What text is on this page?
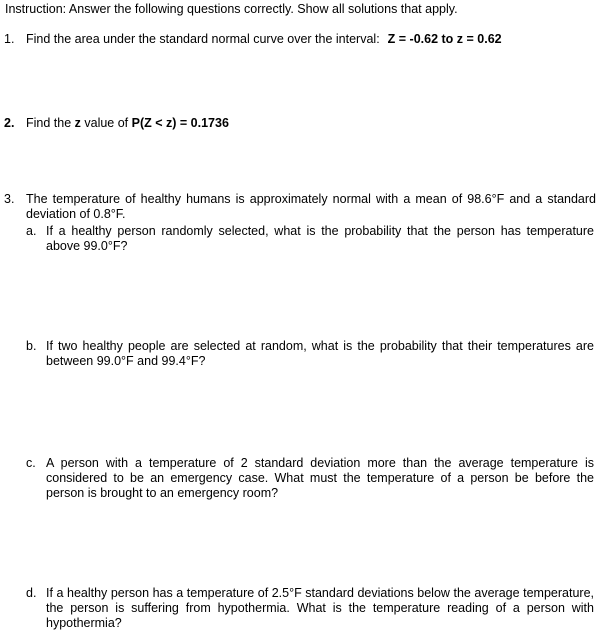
Instruction: Answer the following questions correctly. Show all solutions that apply.
1. Find the area under the standard normal curve over the interval: Z = -0.62 to z = 0.62
2. Find the z value of P(Z < z) = 0.1736
3. The temperature of healthy humans is approximately normal with a mean of 98.6°F and a standard deviation of 0.8°F.
a. If a healthy person randomly selected, what is the probability that the person has temperature above 99.0°F?
b. If two healthy people are selected at random, what is the probability that their temperatures are between 99.0°F and 99.4°F?
c. A person with a temperature of 2 standard deviation more than the average temperature is considered to be an emergency case. What must the temperature of a person be before the person is brought to an emergency room?
d. If a healthy person has a temperature of 2.5°F standard deviations below the average temperature, the person is suffering from hypothermia. What is the temperature reading of a person with hypothermia?
